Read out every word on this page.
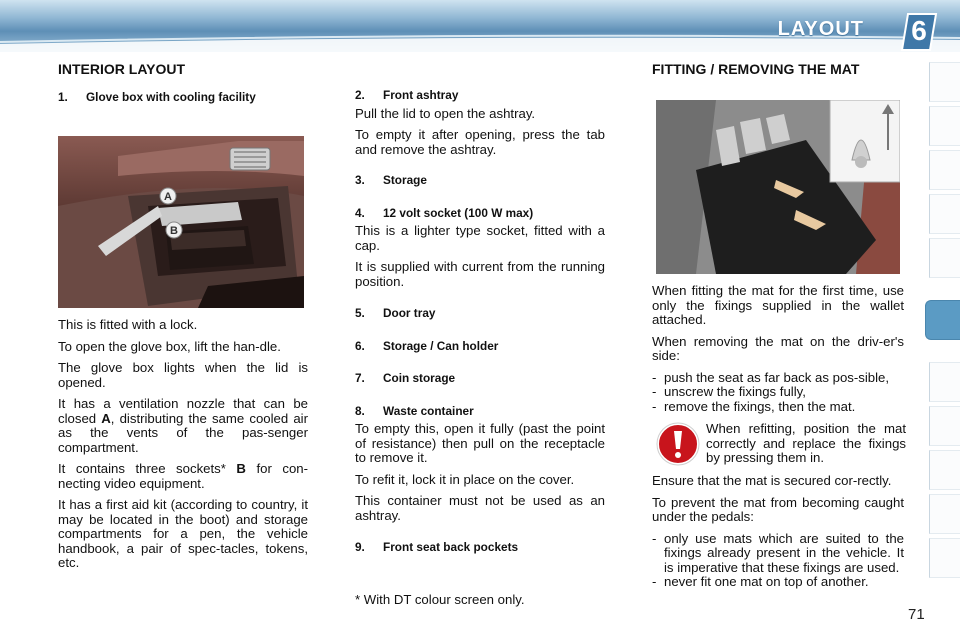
LAYOUT	6
INTERIOR LAYOUT
1. Glove box with cooling facility
A
B

This is fitted with a lock.

To open the glove box, lift the han-dle.

The glove box lights when the lid is opened.

It has a ventilation nozzle that can be closed A, distributing the same cooled air as the vents of the pas-senger compartment.

It contains three sockets* B for con-necting video equipment.

It has a first aid kit (according to country, it may be located in the boot) and storage compartments for a pen, the vehicle handbook, a pair of spec-tacles, tokens, etc.

2. Front ashtray

Pull the lid to open the ashtray.

To empty it after opening, press the tab and remove the ashtray.

3. Storage
4. 12 volt socket (100 W max)

This is a lighter type socket, fitted with a cap.

It is supplied with current from the running position.

5. Door tray
6. Storage / Can holder
7. Coin storage
8. Waste container

To empty this, open it fully (past the point of resistance) then pull on the receptacle to remove it.

To refit it, lock it in place on the cover.

This container must not be used as an ashtray.

9. Front seat back pockets
* With DT colour screen only.
FITTING / REMOVING THE MAT

When fitting the mat for the first time, use only the fixings supplied in the wallet attached.

When removing the mat on the driv-er's side:

- push the seat as far back as pos-sible,
- unscrew the fixings fully,
- remove the fixings, then the mat.
When refitting, position the mat correctly and replace the fixings by pressing them in.

Ensure that the mat is secured cor-rectly.

To prevent the mat from becoming caught under the pedals:

- only use mats which are suited to the fixings already present in the vehicle. It is imperative that these fixings are used.
- never fit one mat on top of another.
71
